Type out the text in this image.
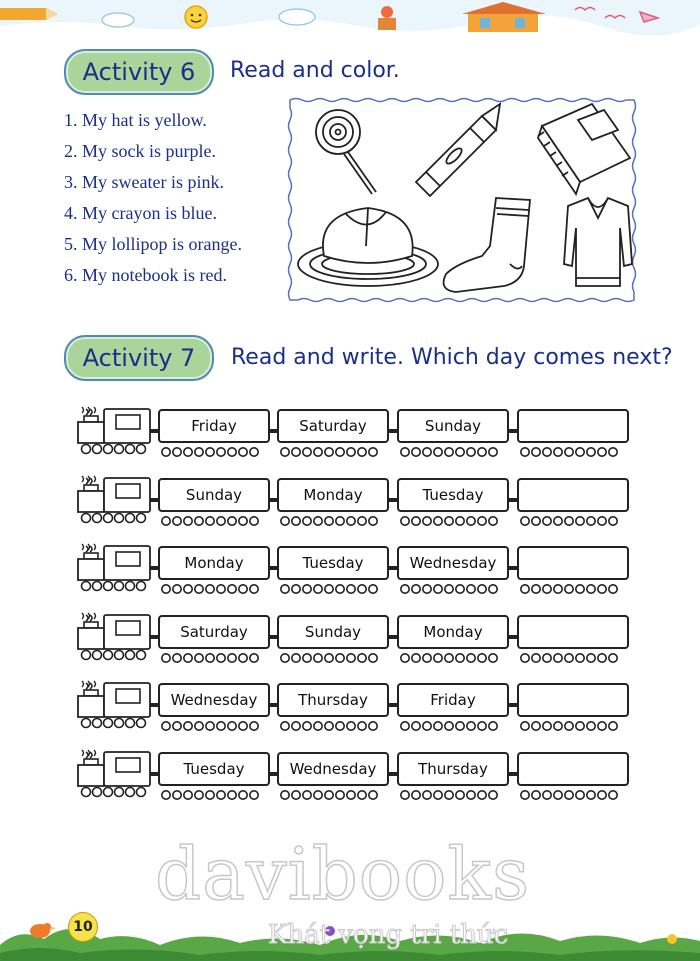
Activity 6 Read and color.
1. My hat is yellow.
2. My sock is purple.
3. My sweater is pink.
4. My crayon is blue.
5. My lollipop is orange.
6. My notebook is red.
Activity 7 Read and write. Which day comes next?
Friday	Saturday	Sunday
Sunday	Monday	Tuesday
Monday	Tuesday	Wednesday
Saturday	Sunday	Monday
Wednesday	Thursday	Friday
Tuesday	Wednesday	Thursday
davibooks
Khát vọng tri thức
10
